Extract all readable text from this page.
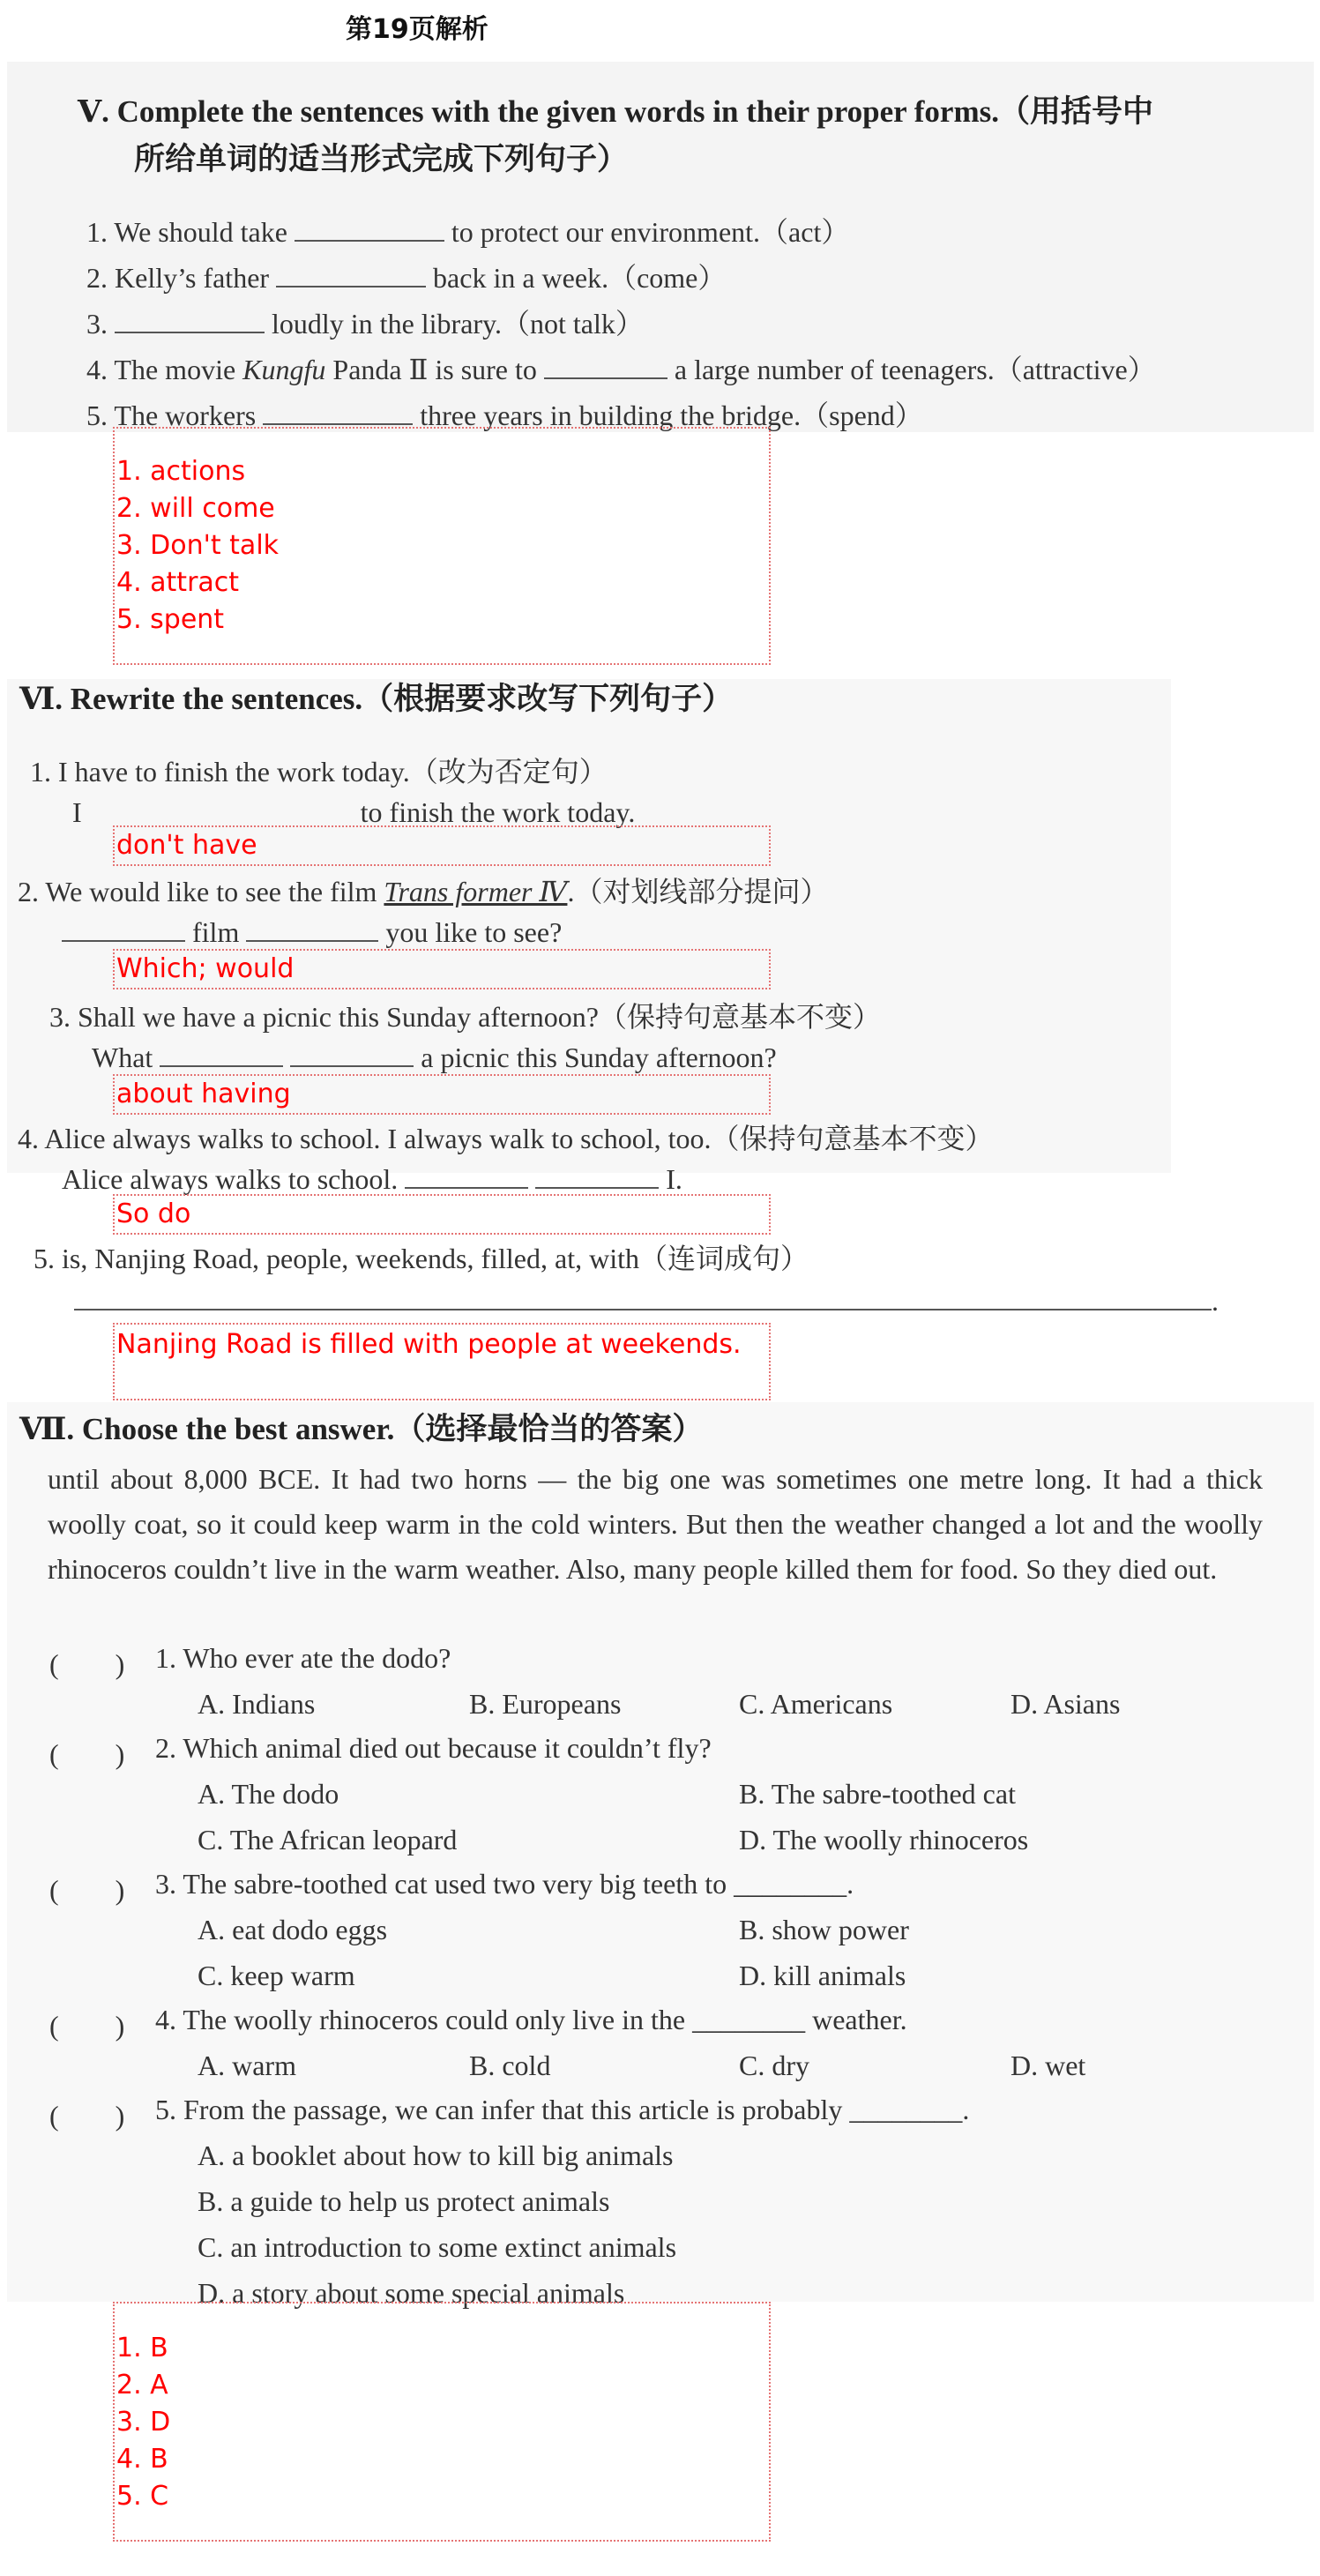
第19页解析
Ⅴ. Complete the sentences with the given words in their proper forms.（用括号中
所给单词的适当形式完成下列句子）
1. We should take	to protect our environment.（act）
2. Kelly’s father	back in a week.（come）
3.	loudly in the library.（not talk）
4. The movie Kungfu Panda Ⅱ is sure to	a large number of teenagers.（attractive）
5. The workers	three years in building the bridge.（spend）
1. actions
2. will come
3. Don't talk
4. attract
5. spent
Ⅵ. Rewrite the sentences.（根据要求改写下列句子）
1. I have to finish the work today.（改为否定句）
I	to finish the work today.
don't have
2. We would like to see the film Trans former Ⅳ.（对划线部分提问）
film	you like to see?
Which; would
3. Shall we have a picnic this Sunday afternoon?（保持句意基本不变）
What	a picnic this Sunday afternoon?
about having
4. Alice always walks to school. I always walk to school, too.（保持句意基本不变）
Alice always walks to school.	I.
So do
5. is, Nanjing Road, people, weekends, filled, at, with（连词成句）
.
Nanjing Road is filled with people at weekends.
Ⅶ. Choose the best answer.（选择最恰当的答案）
until about 8,000 BCE. It had two horns — the big one was sometimes one metre long. It had a thick woolly coat, so it could keep warm in the cold winters. But then the weather changed a lot and the woolly rhinoceros couldn’t live in the warm weather. Also, many people killed them for food. So they died out.
(　　) 1. Who ever ate the dodo?
A. Indians	B. Europeans	C. Americans	D. Asians
(　　) 2. Which animal died out because it couldn’t fly?
A. The dodo	B. The sabre-toothed cat
C. The African leopard	D. The woolly rhinoceros
(　　) 3. The sabre-toothed cat used two very big teeth to ________.
A. eat dodo eggs	B. show power
C. keep warm	D. kill animals
(　　) 4. The woolly rhinoceros could only live in the ________ weather.
A. warm	B. cold	C. dry	D. wet
(　　) 5. From the passage, we can infer that this article is probably ________.
A. a booklet about how to kill big animals
B. a guide to help us protect animals
C. an introduction to some extinct animals
D. a story about some special animals
1. B
2. A
3. D
4. B
5. C
